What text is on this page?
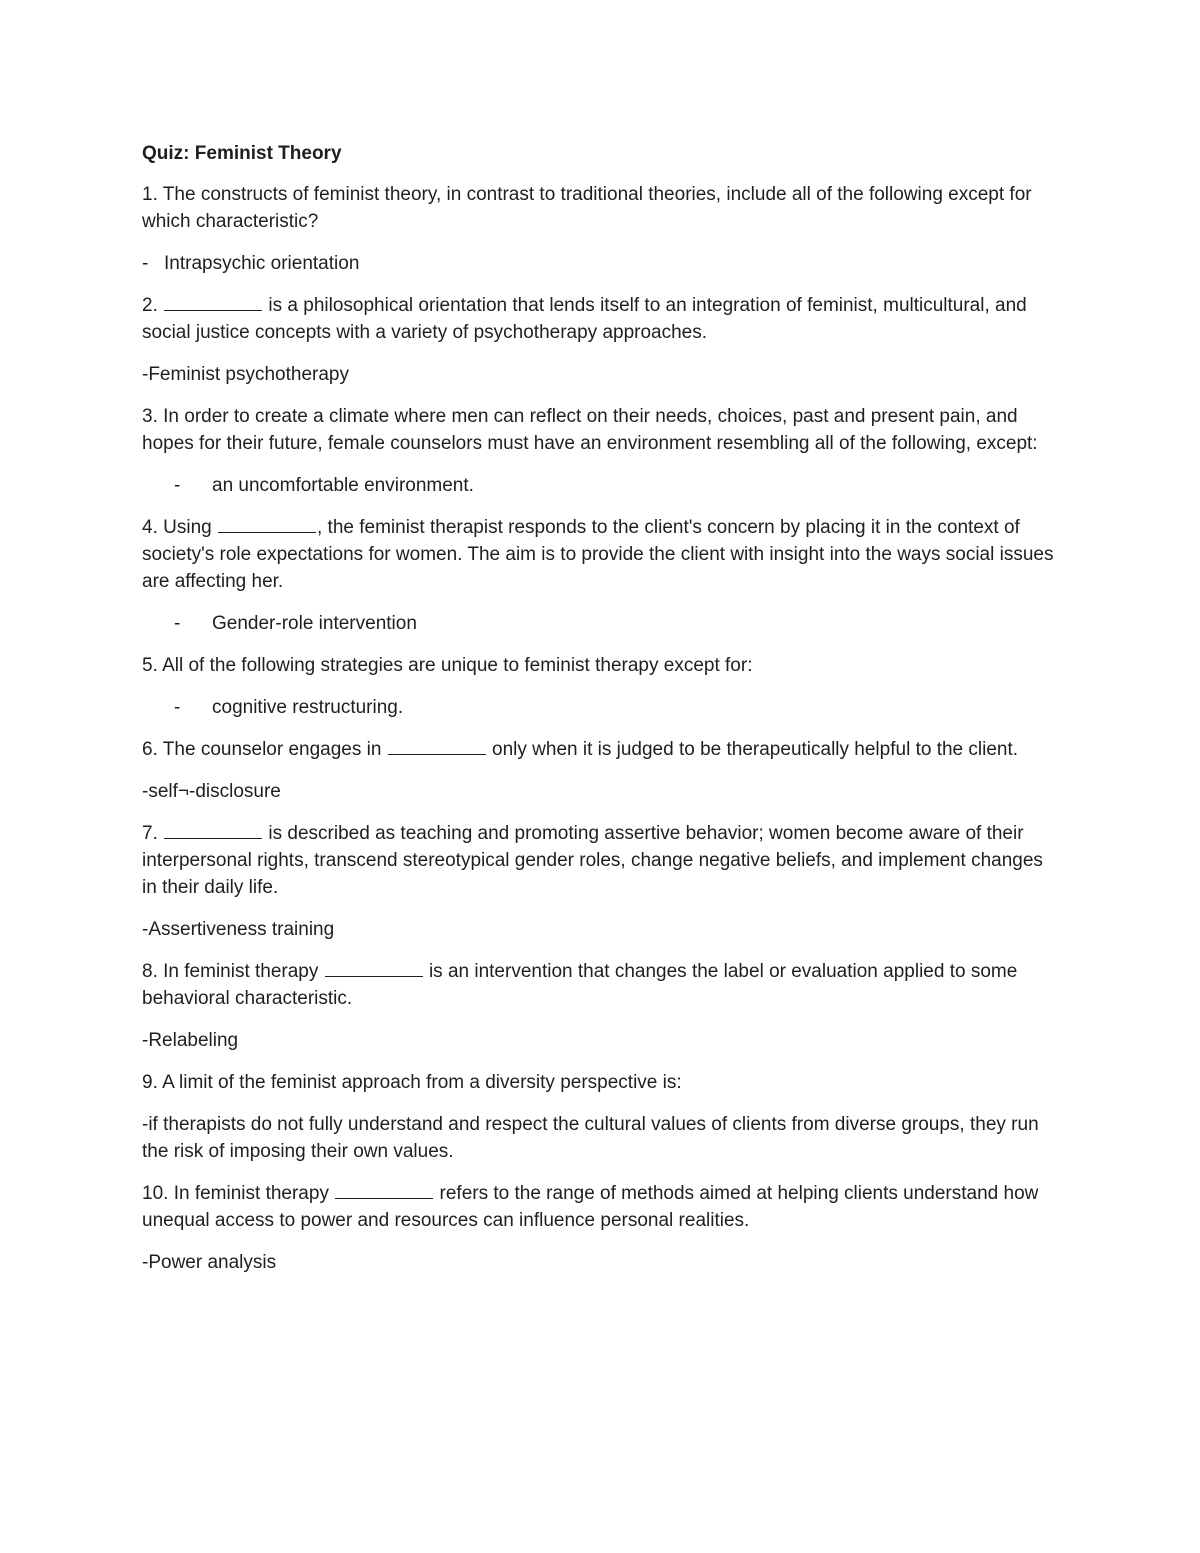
Quiz: Feminist Theory
1. The constructs of feminist theory, in contrast to traditional theories, include all of the following except for which characteristic?
- Intrapsychic orientation
2.	is a philosophical orientation that lends itself to an integration of feminist, multicultural, and social justice concepts with a variety of psychotherapy approaches.
-Feminist psychotherapy
3. In order to create a climate where men can reflect on their needs, choices, past and present pain, and hopes for their future, female counselors must have an environment resembling all of the following, except:
- an uncomfortable environment.
4. Using	, the feminist therapist responds to the client's concern by placing it in the context of society's role expectations for women. The aim is to provide the client with insight into the ways social issues are affecting her.
- Gender-role intervention
5. All of the following strategies are unique to feminist therapy except for:
- cognitive restructuring.
6. The counselor engages in	only when it is judged to be therapeutically helpful to the client.
-self¬-disclosure
7.	is described as teaching and promoting assertive behavior; women become aware of their interpersonal rights, transcend stereotypical gender roles, change negative beliefs, and implement changes in their daily life.
-Assertiveness training
8. In feminist therapy	is an intervention that changes the label or evaluation applied to some behavioral characteristic.
-Relabeling
9. A limit of the feminist approach from a diversity perspective is:
-if therapists do not fully understand and respect the cultural values of clients from diverse groups, they run the risk of imposing their own values.
10. In feminist therapy	refers to the range of methods aimed at helping clients understand how unequal access to power and resources can influence personal realities.
-Power analysis
